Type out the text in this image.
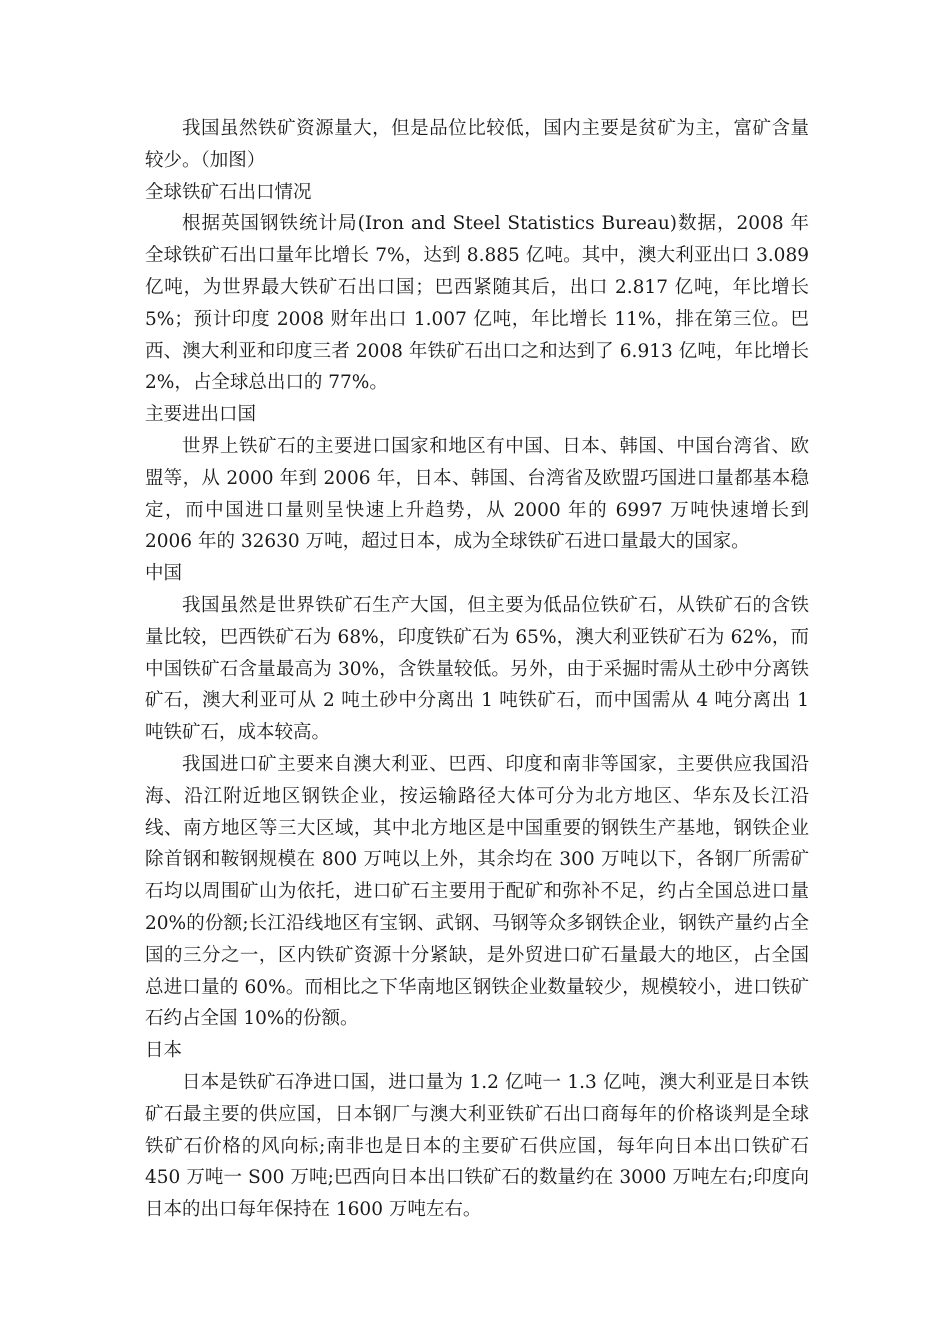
我国虽然铁矿资源量大，但是品位比较低，国内主要是贫矿为主，富矿含量较少。（加图）

全球铁矿石出口情况

根据英国钢铁统计局(Iron and Steel Statistics Bureau)数据，2008 年全球铁矿石出口量年比增长 7%，达到 8.885 亿吨。其中，澳大利亚出口 3.089 亿吨，为世界最大铁矿石出口国；巴西紧随其后，出口 2.817 亿吨，年比增长 5%；预计印度 2008 财年出口 1.007 亿吨，年比增长 11%，排在第三位。巴西、澳大利亚和印度三者 2008 年铁矿石出口之和达到了 6.913 亿吨，年比增长 2%，占全球总出口的 77%。

主要进出口国

世界上铁矿石的主要进口国家和地区有中国、日本、韩国、中国台湾省、欧盟等，从 2000 年到 2006 年，日本、韩国、台湾省及欧盟巧国进口量都基本稳定，而中国进口量则呈快速上升趋势，从 2000 年的 6997 万吨快速增长到 2006 年的 32630 万吨，超过日本，成为全球铁矿石进口量最大的国家。

中国

我国虽然是世界铁矿石生产大国，但主要为低品位铁矿石，从铁矿石的含铁量比较，巴西铁矿石为 68%，印度铁矿石为 65%，澳大利亚铁矿石为 62%，而中国铁矿石含量最高为 30%，含铁量较低。另外，由于采掘时需从土砂中分离铁矿石，澳大利亚可从 2 吨土砂中分离出 1 吨铁矿石，而中国需从 4 吨分离出 1 吨铁矿石，成本较高。

我国进口矿主要来自澳大利亚、巴西、印度和南非等国家，主要供应我国沿海、沿江附近地区钢铁企业，按运输路径大体可分为北方地区、华东及长江沿线、南方地区等三大区域，其中北方地区是中国重要的钢铁生产基地，钢铁企业除首钢和鞍钢规模在 800 万吨以上外，其余均在 300 万吨以下，各钢厂所需矿石均以周围矿山为依托，进口矿石主要用于配矿和弥补不足，约占全国总进口量 20%的份额;长江沿线地区有宝钢、武钢、马钢等众多钢铁企业，钢铁产量约占全国的三分之一，区内铁矿资源十分紧缺，是外贸进口矿石量最大的地区，占全国总进口量的 60%。而相比之下华南地区钢铁企业数量较少，规模较小，进口铁矿石约占全国 10%的份额。

日本

日本是铁矿石净进口国，进口量为 1.2 亿吨一 1.3 亿吨，澳大利亚是日本铁矿石最主要的供应国，日本钢厂与澳大利亚铁矿石出口商每年的价格谈判是全球铁矿石价格的风向标;南非也是日本的主要矿石供应国，每年向日本出口铁矿石 450 万吨一 S00 万吨;巴西向日本出口铁矿石的数量约在 3000 万吨左右;印度向日本的出口每年保持在 1600 万吨左右。
